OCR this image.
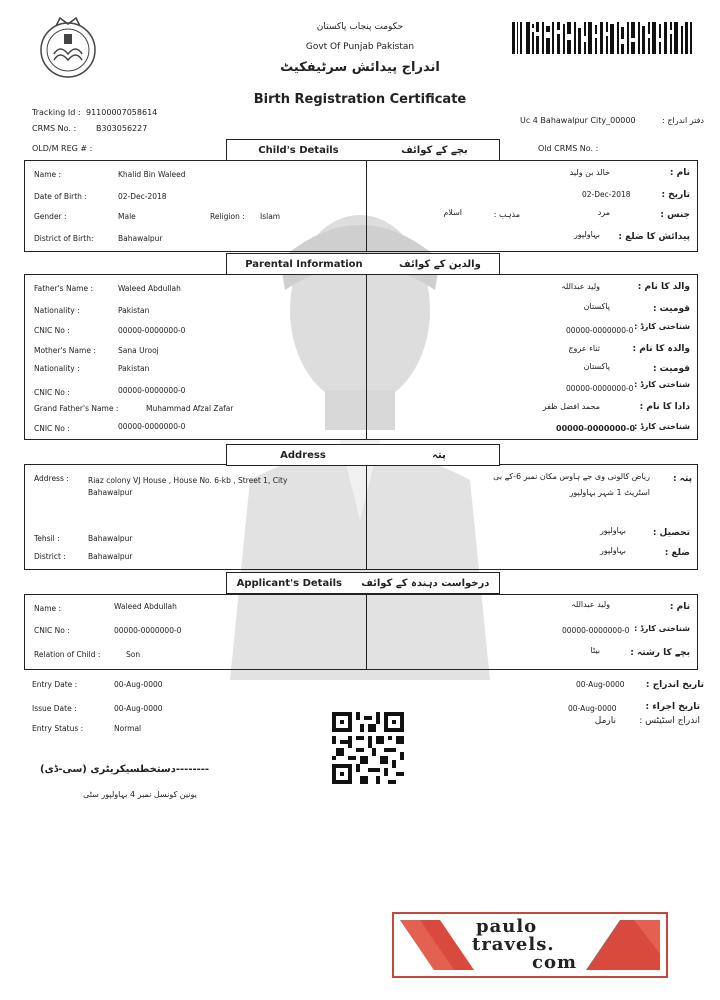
حکومت پنجاب پاکستان
Govt Of Punjab Pakistan
اندراج پیدائش سرٹیفکیٹ
Birth Registration Certificate
Tracking Id : 91100007058614
CRMS No. : B303056227
Uc 4 Bahawalpur City_00000	دفتر اندراج :
OLD/M REG # :	Old CRMS No. :
Child's Details	بچے کے کوائف
Name :	Khalid Bin Waleed
Date of Birth :	02-Dec-2018
Gender :	Male	Religion : Islam
District of Birth:	Bahawalpur
نام :
خالد بن ولید
تاریخ :
02-Dec-2018
جنس :
مرد
مذہب :
اسلام
پیدائش کا ضلع :
بہاولپور
Parental Information	والدین کے کوائف
Father's Name :	Waleed Abdullah
Nationality :	Pakistan
CNIC No :	00000-0000000-0
Mother's Name :	Sana Urooj
Nationality :	Pakistan
CNIC No :	00000-0000000-0
Grand Father's Name :	Muhammad Afzal Zafar
CNIC No :	00000-0000000-0
والد کا نام :
ولید عبداللہ
قومیت :
پاکستان
شناختی کارڈ :
00000-0000000-0
والدہ کا نام :
ثناء عروج
قومیت :
پاکستان
شناختی کارڈ :
00000-0000000-0
دادا کا نام :
محمد افضل ظفر
شناختی کارڈ :
00000-0000000-0
Address	پتہ
Address :	Riaz colony VJ House , House No. 6-kb , Street 1, City
Bahawalpur
Tehsil :	Bahawalpur
District :	Bahawalpur
پتہ :
ریاض کالونی وی جے ہاوس مکان نمبر 6-کے بی
اسٹریٹ 1 شہر بہاولپور
تحصیل :
بہاولپور
ضلع :
بہاولپور
Applicant's Details درخواست دہندہ کے کوائف
Name :	Waleed Abdullah
CNIC No :	00000-0000000-0
Relation of Child :	Son
نام :
ولید عبداللہ
شناختی کارڈ :
00000-0000000-0
بچے کا رشتہ :
بیٹا
Entry Date :	00-Aug-0000
Issue Date :	00-Aug-0000
Entry Status :	Normal
تاریخ اندراج :
00-Aug-0000
تاریخ اجراء :
00-Aug-0000
اندراج اسٹیٹس :
نارمل
(دستخطسیکریٹری (سی-ڈی--------
یونین کونسل نمبر 4 بہاولپور سٹی
paulo
travels.
com
